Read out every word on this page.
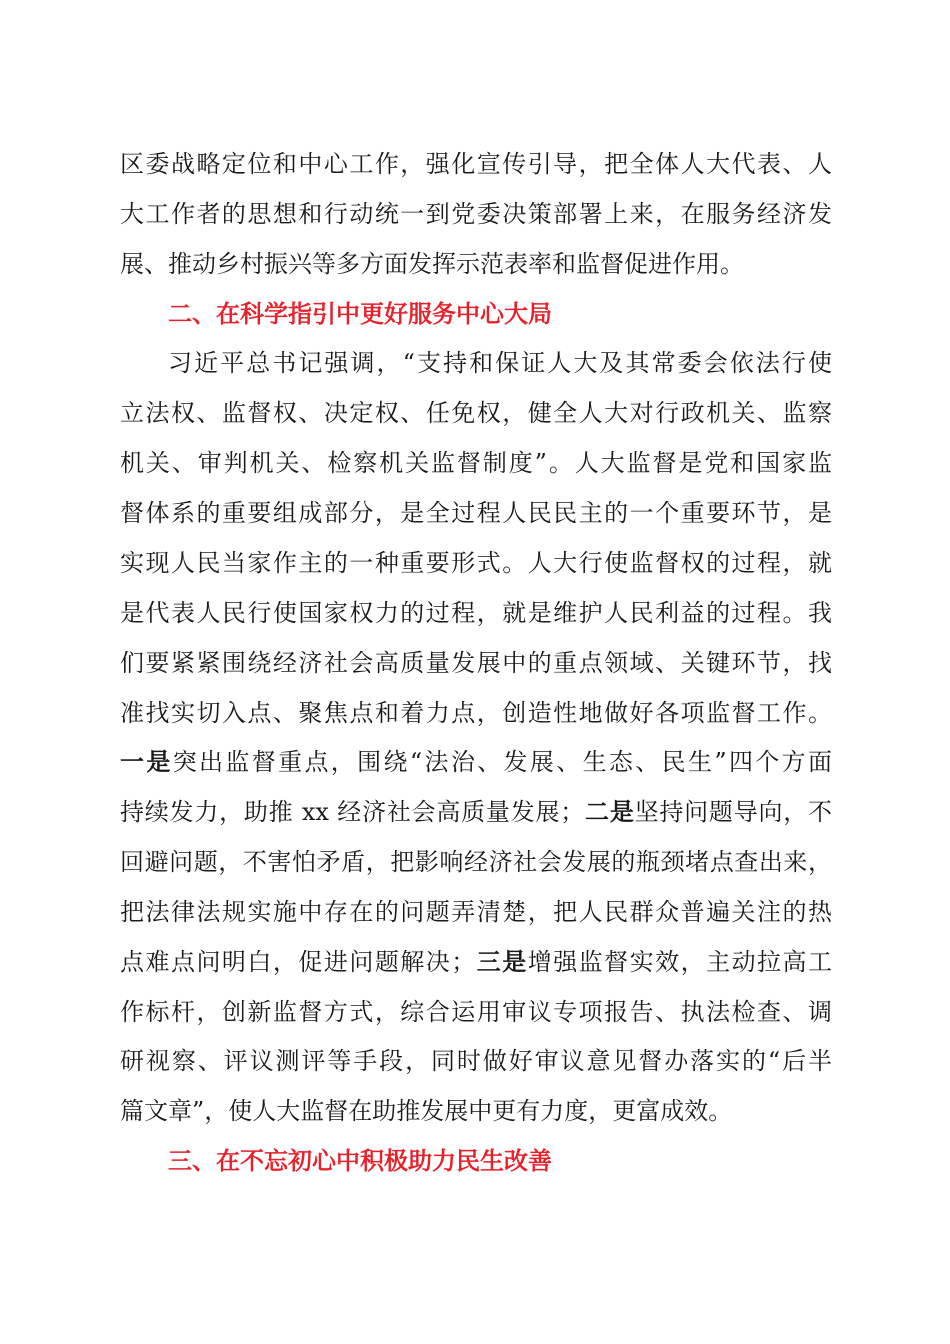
区委战略定位和中心工作，强化宣传引导，把全体人大代表、人
大工作者的思想和行动统一到党委决策部署上来，在服务经济发
展、推动乡村振兴等多方面发挥示范表率和监督促进作用。
二、在科学指引中更好服务中心大局
习近平总书记强调，“支持和保证人大及其常委会依法行使
立法权、监督权、决定权、任免权，健全人大对行政机关、监察
机关、审判机关、检察机关监督制度”。人大监督是党和国家监
督体系的重要组成部分，是全过程人民民主的一个重要环节，是
实现人民当家作主的一种重要形式。人大行使监督权的过程，就
是代表人民行使国家权力的过程，就是维护人民利益的过程。我
们要紧紧围绕经济社会高质量发展中的重点领域、关键环节，找
准找实切入点、聚焦点和着力点，创造性地做好各项监督工作。
一是突出监督重点，围绕“法治、发展、生态、民生”四个方面
持续发力，助推 xx 经济社会高质量发展；二是坚持问题导向，不
回避问题，不害怕矛盾，把影响经济社会发展的瓶颈堵点查出来，
把法律法规实施中存在的问题弄清楚，把人民群众普遍关注的热
点难点问明白，促进问题解决；三是增强监督实效，主动拉高工
作标杆，创新监督方式，综合运用审议专项报告、执法检查、调
研视察、评议测评等手段，同时做好审议意见督办落实的“后半
篇文章”，使人大监督在助推发展中更有力度，更富成效。
三、在不忘初心中积极助力民生改善
